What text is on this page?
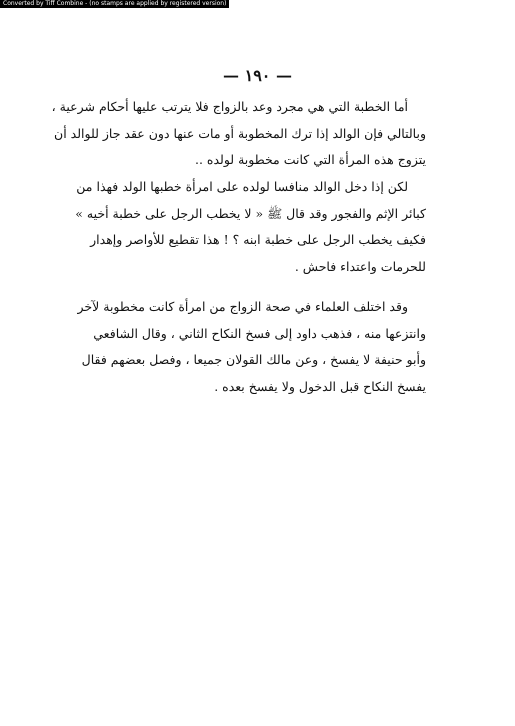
Converted by Tiff Combine - (no stamps are applied by registered version)
— ١٩٠ —
أما الخطبة التي هي مجرد وعد بالزواج فلا يترتب عليها أحكام شرعية ،
وبالتالي فإن الوالد إذا ترك المخطوبة أو مات عنها دون عقد جاز للوالد أن
يتزوج هذه المرأة التي كانت مخطوبة لولده ..
لكن إذا دخل الوالد منافسا لولده على امرأة خطبها الولد فهذا من
كبائر الإثم والفجور وقد قال ﷺ « لا يخطب الرجل على خطبة أخيه »
فكيف يخطب الرجل على خطبة ابنه ؟ ! هذا تقطيع للأواصر وإهدار
للحرمات واعتداء فاحش .
وقد اختلف العلماء في صحة الزواج من امرأة كانت مخطوبة لآخر
وانتزعها منه ، فذهب داود إلى فسخ النكاح الثاني ، وقال الشافعي
وأبو حنيفة لا يفسخ ، وعن مالك القولان جميعا ، وفصل بعضهم فقال
يفسخ النكاح قبل الدخول ولا يفسخ بعده .
